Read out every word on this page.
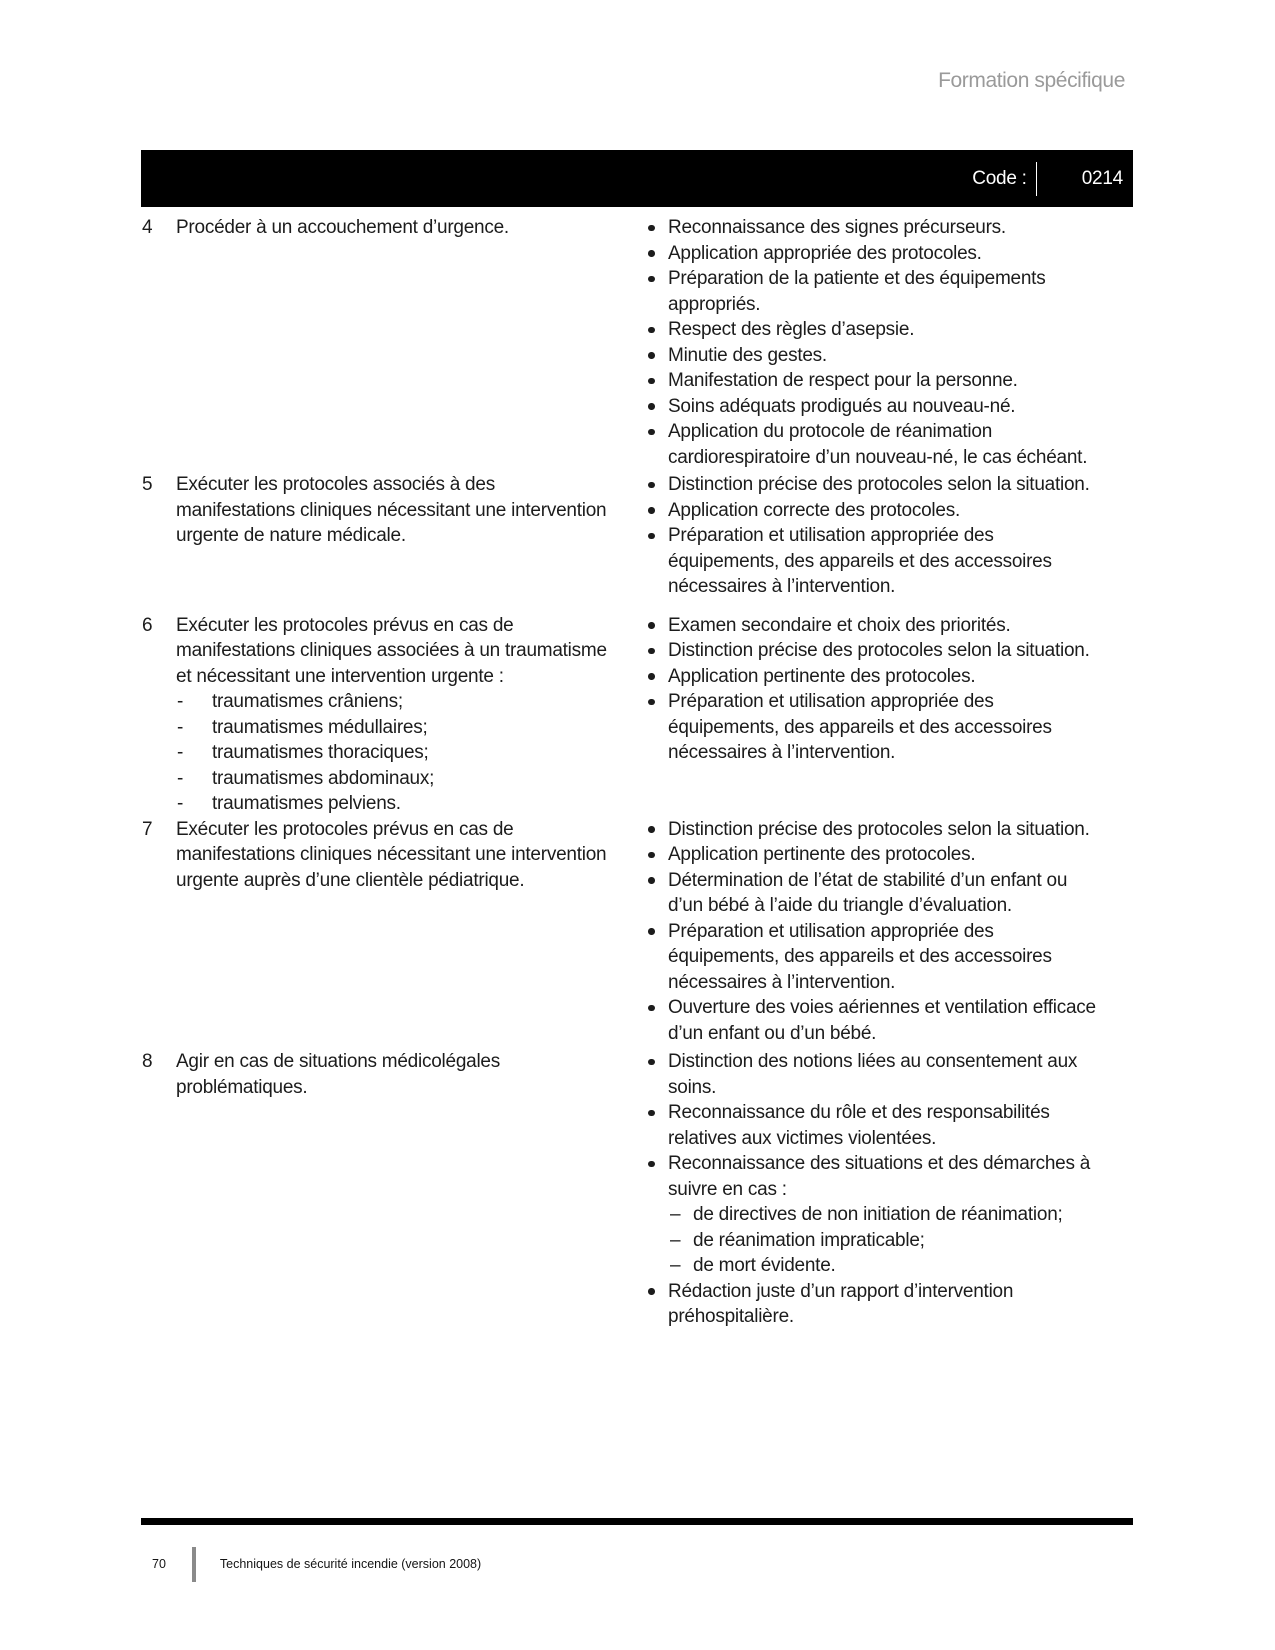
Formation spécifique
Code :	0214
4	Procéder à un accouchement d’urgence.	Reconnaissance des signes précurseurs.
Application appropriée des protocoles.
Préparation de la patiente et des équipements appropriés.
Respect des règles d’asepsie.
Minutie des gestes.
Manifestation de respect pour la personne.
Soins adéquats prodigués au nouveau-né.
Application du protocole de réanimation cardiorespiratoire d’un nouveau-né, le cas échéant.
5	Exécuter les protocoles associés à des manifestations cliniques nécessitant une intervention urgente de nature médicale.
Distinction précise des protocoles selon la situation.
Application correcte des protocoles.
Préparation et utilisation appropriée des équipements, des appareils et des accessoires nécessaires à l’intervention.
6	Exécuter les protocoles prévus en cas de manifestations cliniques associées à un traumatisme et nécessitant une intervention urgente :
- traumatismes crâniens;
- traumatismes médullaires;
- traumatismes thoraciques;
- traumatismes abdominaux;
- traumatismes pelviens.
Examen secondaire et choix des priorités.
Distinction précise des protocoles selon la situation.
Application pertinente des protocoles.
Préparation et utilisation appropriée des équipements, des appareils et des accessoires nécessaires à l’intervention.
7	Exécuter les protocoles prévus en cas de manifestations cliniques nécessitant une intervention urgente auprès d’une clientèle pédiatrique.
Distinction précise des protocoles selon la situation.
Application pertinente des protocoles.
Détermination de l’état de stabilité d’un enfant ou d’un bébé à l’aide du triangle d’évaluation.
Préparation et utilisation appropriée des équipements, des appareils et des accessoires nécessaires à l’intervention.
Ouverture des voies aériennes et ventilation efficace d’un enfant ou d’un bébé.
8	Agir en cas de situations médicolégales problématiques.
Distinction des notions liées au consentement aux soins.
Reconnaissance du rôle et des responsabilités relatives aux victimes violentées.
Reconnaissance des situations et des démarches à suivre en cas :
– de directives de non initiation de réanimation;
– de réanimation impraticable;
– de mort évidente.
Rédaction juste d’un rapport d’intervention préhospitalière.
70	Techniques de sécurité incendie (version 2008)
